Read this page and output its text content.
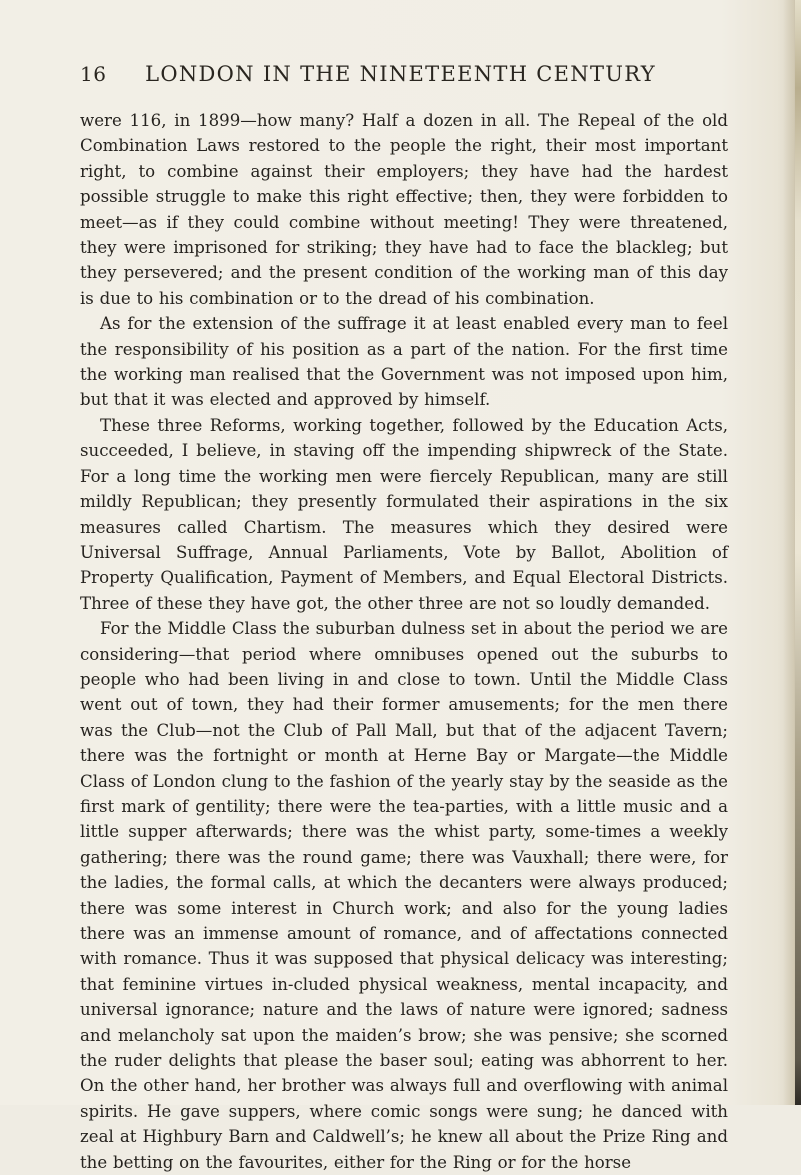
16	LONDON IN THE NINETEENTH CENTURY

were 116, in 1899—how many? Half a dozen in all. The Repeal of the old Combination Laws restored to the people the right, their most important right, to combine against their employers; they have had the hardest possible struggle to make this right effective; then, they were forbidden to meet—as if they could combine without meeting! They were threatened, they were imprisoned for striking; they have had to face the blackleg; but they persevered; and the present condition of the working man of this day is due to his combination or to the dread of his combination.

As for the extension of the suffrage it at least enabled every man to feel the responsibility of his position as a part of the nation. For the first time the working man realised that the Government was not imposed upon him, but that it was elected and approved by himself.

These three Reforms, working together, followed by the Education Acts, succeeded, I believe, in staving off the impending shipwreck of the State. For a long time the working men were fiercely Republican, many are still mildly Republican; they presently formulated their aspirations in the six measures called Chartism. The measures which they desired were Universal Suffrage, Annual Parliaments, Vote by Ballot, Abolition of Property Qualification, Payment of Members, and Equal Electoral Districts. Three of these they have got, the other three are not so loudly demanded.

For the Middle Class the suburban dulness set in about the period we are considering—that period where omnibuses opened out the suburbs to people who had been living in and close to town. Until the Middle Class went out of town, they had their former amusements; for the men there was the Club—not the Club of Pall Mall, but that of the adjacent Tavern; there was the fortnight or month at Herne Bay or Margate—the Middle Class of London clung to the fashion of the yearly stay by the seaside as the first mark of gentility; there were the tea-parties, with a little music and a little supper afterwards; there was the whist party, some-times a weekly gathering; there was the round game; there was Vauxhall; there were, for the ladies, the formal calls, at which the decanters were always produced; there was some interest in Church work; and also for the young ladies there was an immense amount of romance, and of affectations connected with romance. Thus it was supposed that physical delicacy was interesting; that feminine virtues in-cluded physical weakness, mental incapacity, and universal ignorance; nature and the laws of nature were ignored; sadness and melancholy sat upon the maiden’s brow; she was pensive; she scorned the ruder delights that please the baser soul; eating was abhorrent to her. On the other hand, her brother was always full and overflowing with animal spirits. He gave suppers, where comic songs were sung; he danced with zeal at Highbury Barn and Caldwell’s; he knew all about the Prize Ring and the betting on the favourites, either for the Ring or for the horse
